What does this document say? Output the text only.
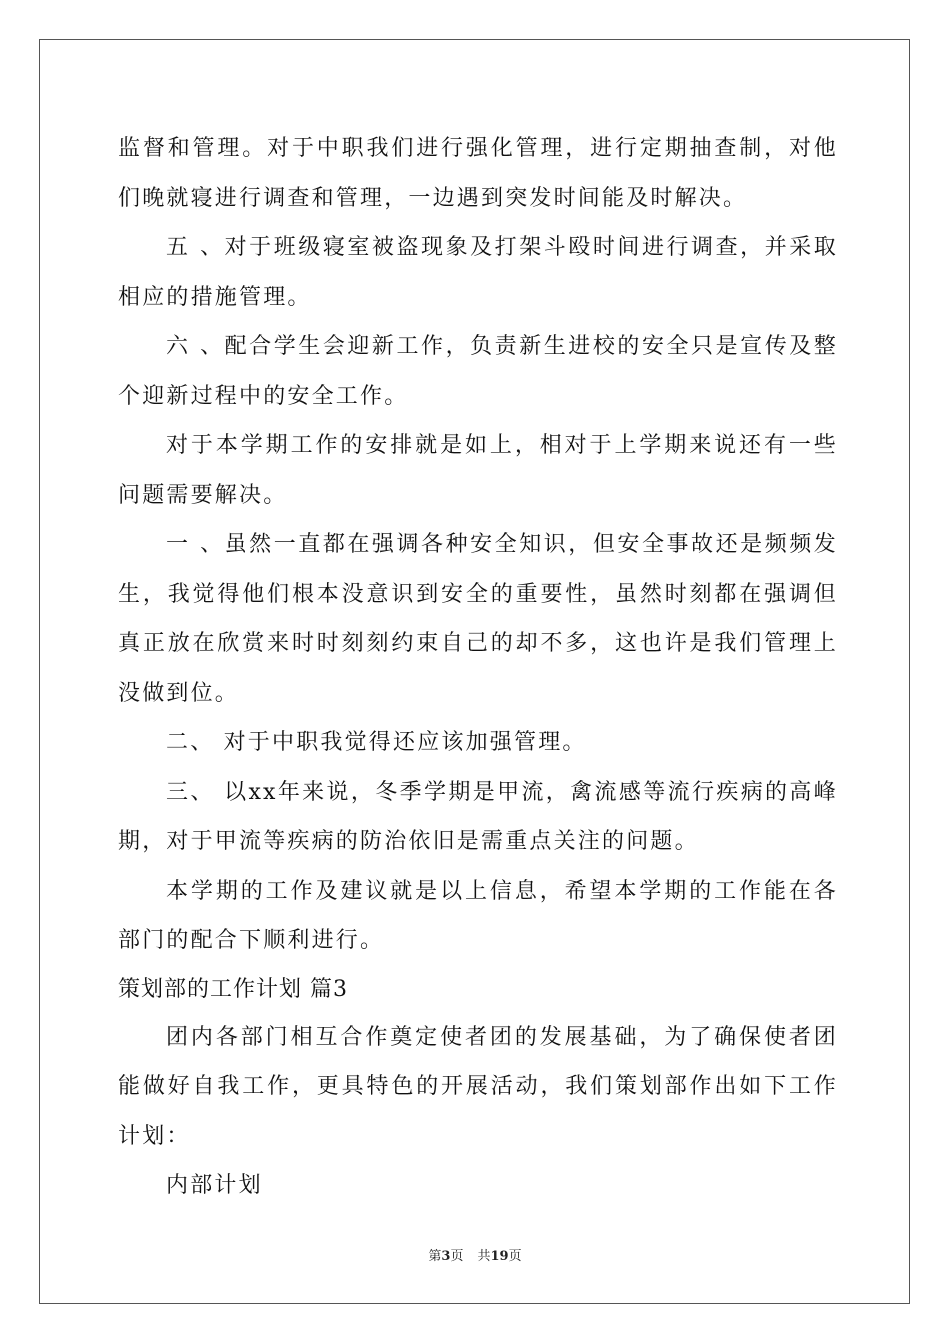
监督和管理。对于中职我们进行强化管理，进行定期抽查制，对他们晚就寝进行调查和管理，一边遇到突发时间能及时解决。

五 、对于班级寝室被盗现象及打架斗殴时间进行调查，并采取相应的措施管理。

六 、配合学生会迎新工作，负责新生进校的安全只是宣传及整个迎新过程中的安全工作。

对于本学期工作的安排就是如上，相对于上学期来说还有一些问题需要解决。

一 、虽然一直都在强调各种安全知识，但安全事故还是频频发生，我觉得他们根本没意识到安全的重要性，虽然时刻都在强调但真正放在欣赏来时时刻刻约束自己的却不多，这也许是我们管理上没做到位。

二、 对于中职我觉得还应该加强管理。

三、 以xx年来说，冬季学期是甲流，禽流感等流行疾病的高峰期，对于甲流等疾病的防治依旧是需重点关注的问题。

本学期的工作及建议就是以上信息，希望本学期的工作能在各部门的配合下顺利进行。

策划部的工作计划 篇3

团内各部门相互合作奠定使者团的发展基础，为了确保使者团能做好自我工作，更具特色的开展活动，我们策划部作出如下工作计划：

内部计划

第3页 共19页
